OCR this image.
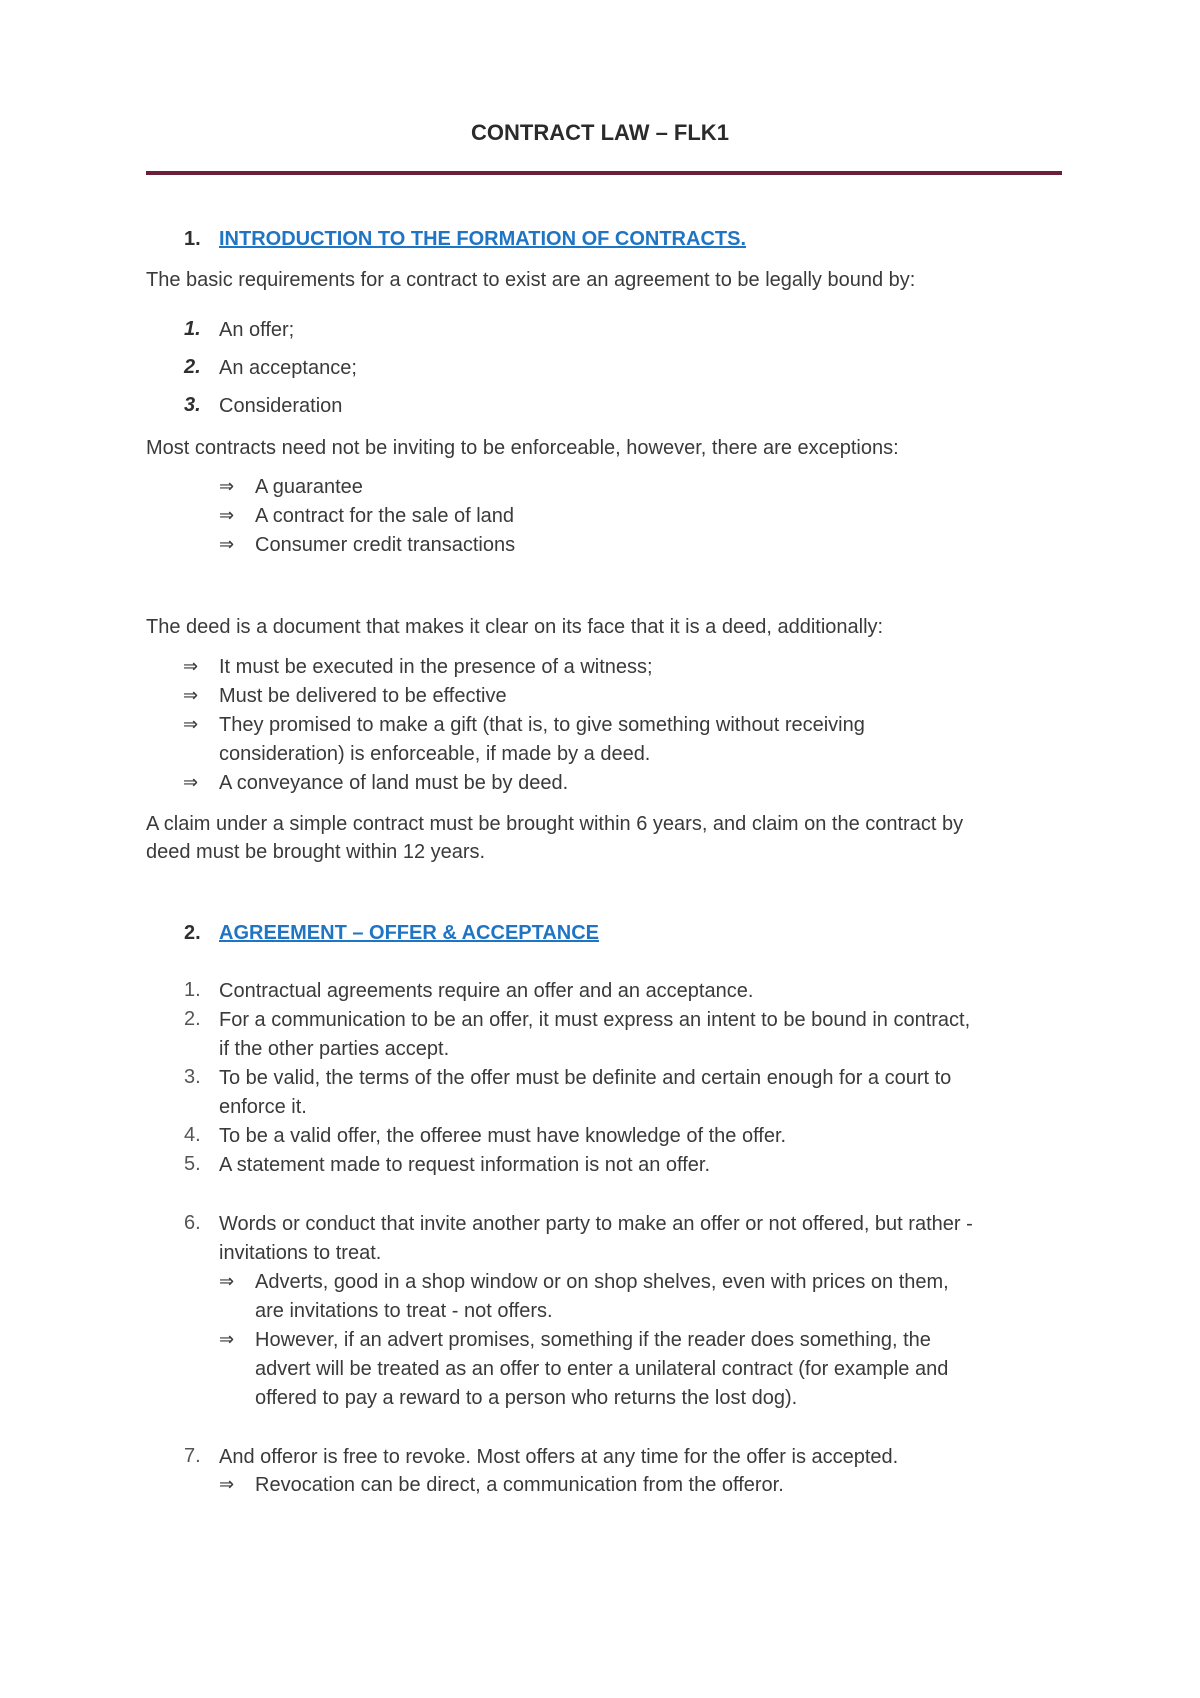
CONTRACT LAW – FLK1
1. INTRODUCTION TO THE FORMATION OF CONTRACTS.

The basic requirements for a contract to exist are an agreement to be legally bound by:

1. An offer;
2. An acceptance;
3. Consideration

Most contracts need not be inviting to be enforceable, however, there are exceptions:

⇒ A guarantee
⇒ A contract for the sale of land
⇒ Consumer credit transactions

The deed is a document that makes it clear on its face that it is a deed, additionally:

⇒ It must be executed in the presence of a witness;
⇒ Must be delivered to be effective
⇒ They promised to make a gift (that is, to give something without receiving
consideration) is enforceable, if made by a deed.
⇒ A conveyance of land must be by deed.

A claim under a simple contract must be brought within 6 years, and claim on the contract by

deed must be brought within 12 years.

2. AGREEMENT – OFFER & ACCEPTANCE
1. Contractual agreements require an offer and an acceptance.
2. For a communication to be an offer, it must express an intent to be bound in contract,
if the other parties accept.
3. To be valid, the terms of the offer must be definite and certain enough for a court to
enforce it.
4. To be a valid offer, the offeree must have knowledge of the offer.
5. A statement made to request information is not an offer.
6. Words or conduct that invite another party to make an offer or not offered, but rather -
invitations to treat.
⇒ Adverts, good in a shop window or on shop shelves, even with prices on them,
are invitations to treat - not offers.
⇒ However, if an advert promises, something if the reader does something, the
advert will be treated as an offer to enter a unilateral contract (for example and
offered to pay a reward to a person who returns the lost dog).
7. And offeror is free to revoke. Most offers at any time for the offer is accepted.
⇒ Revocation can be direct, a communication from the offeror.
